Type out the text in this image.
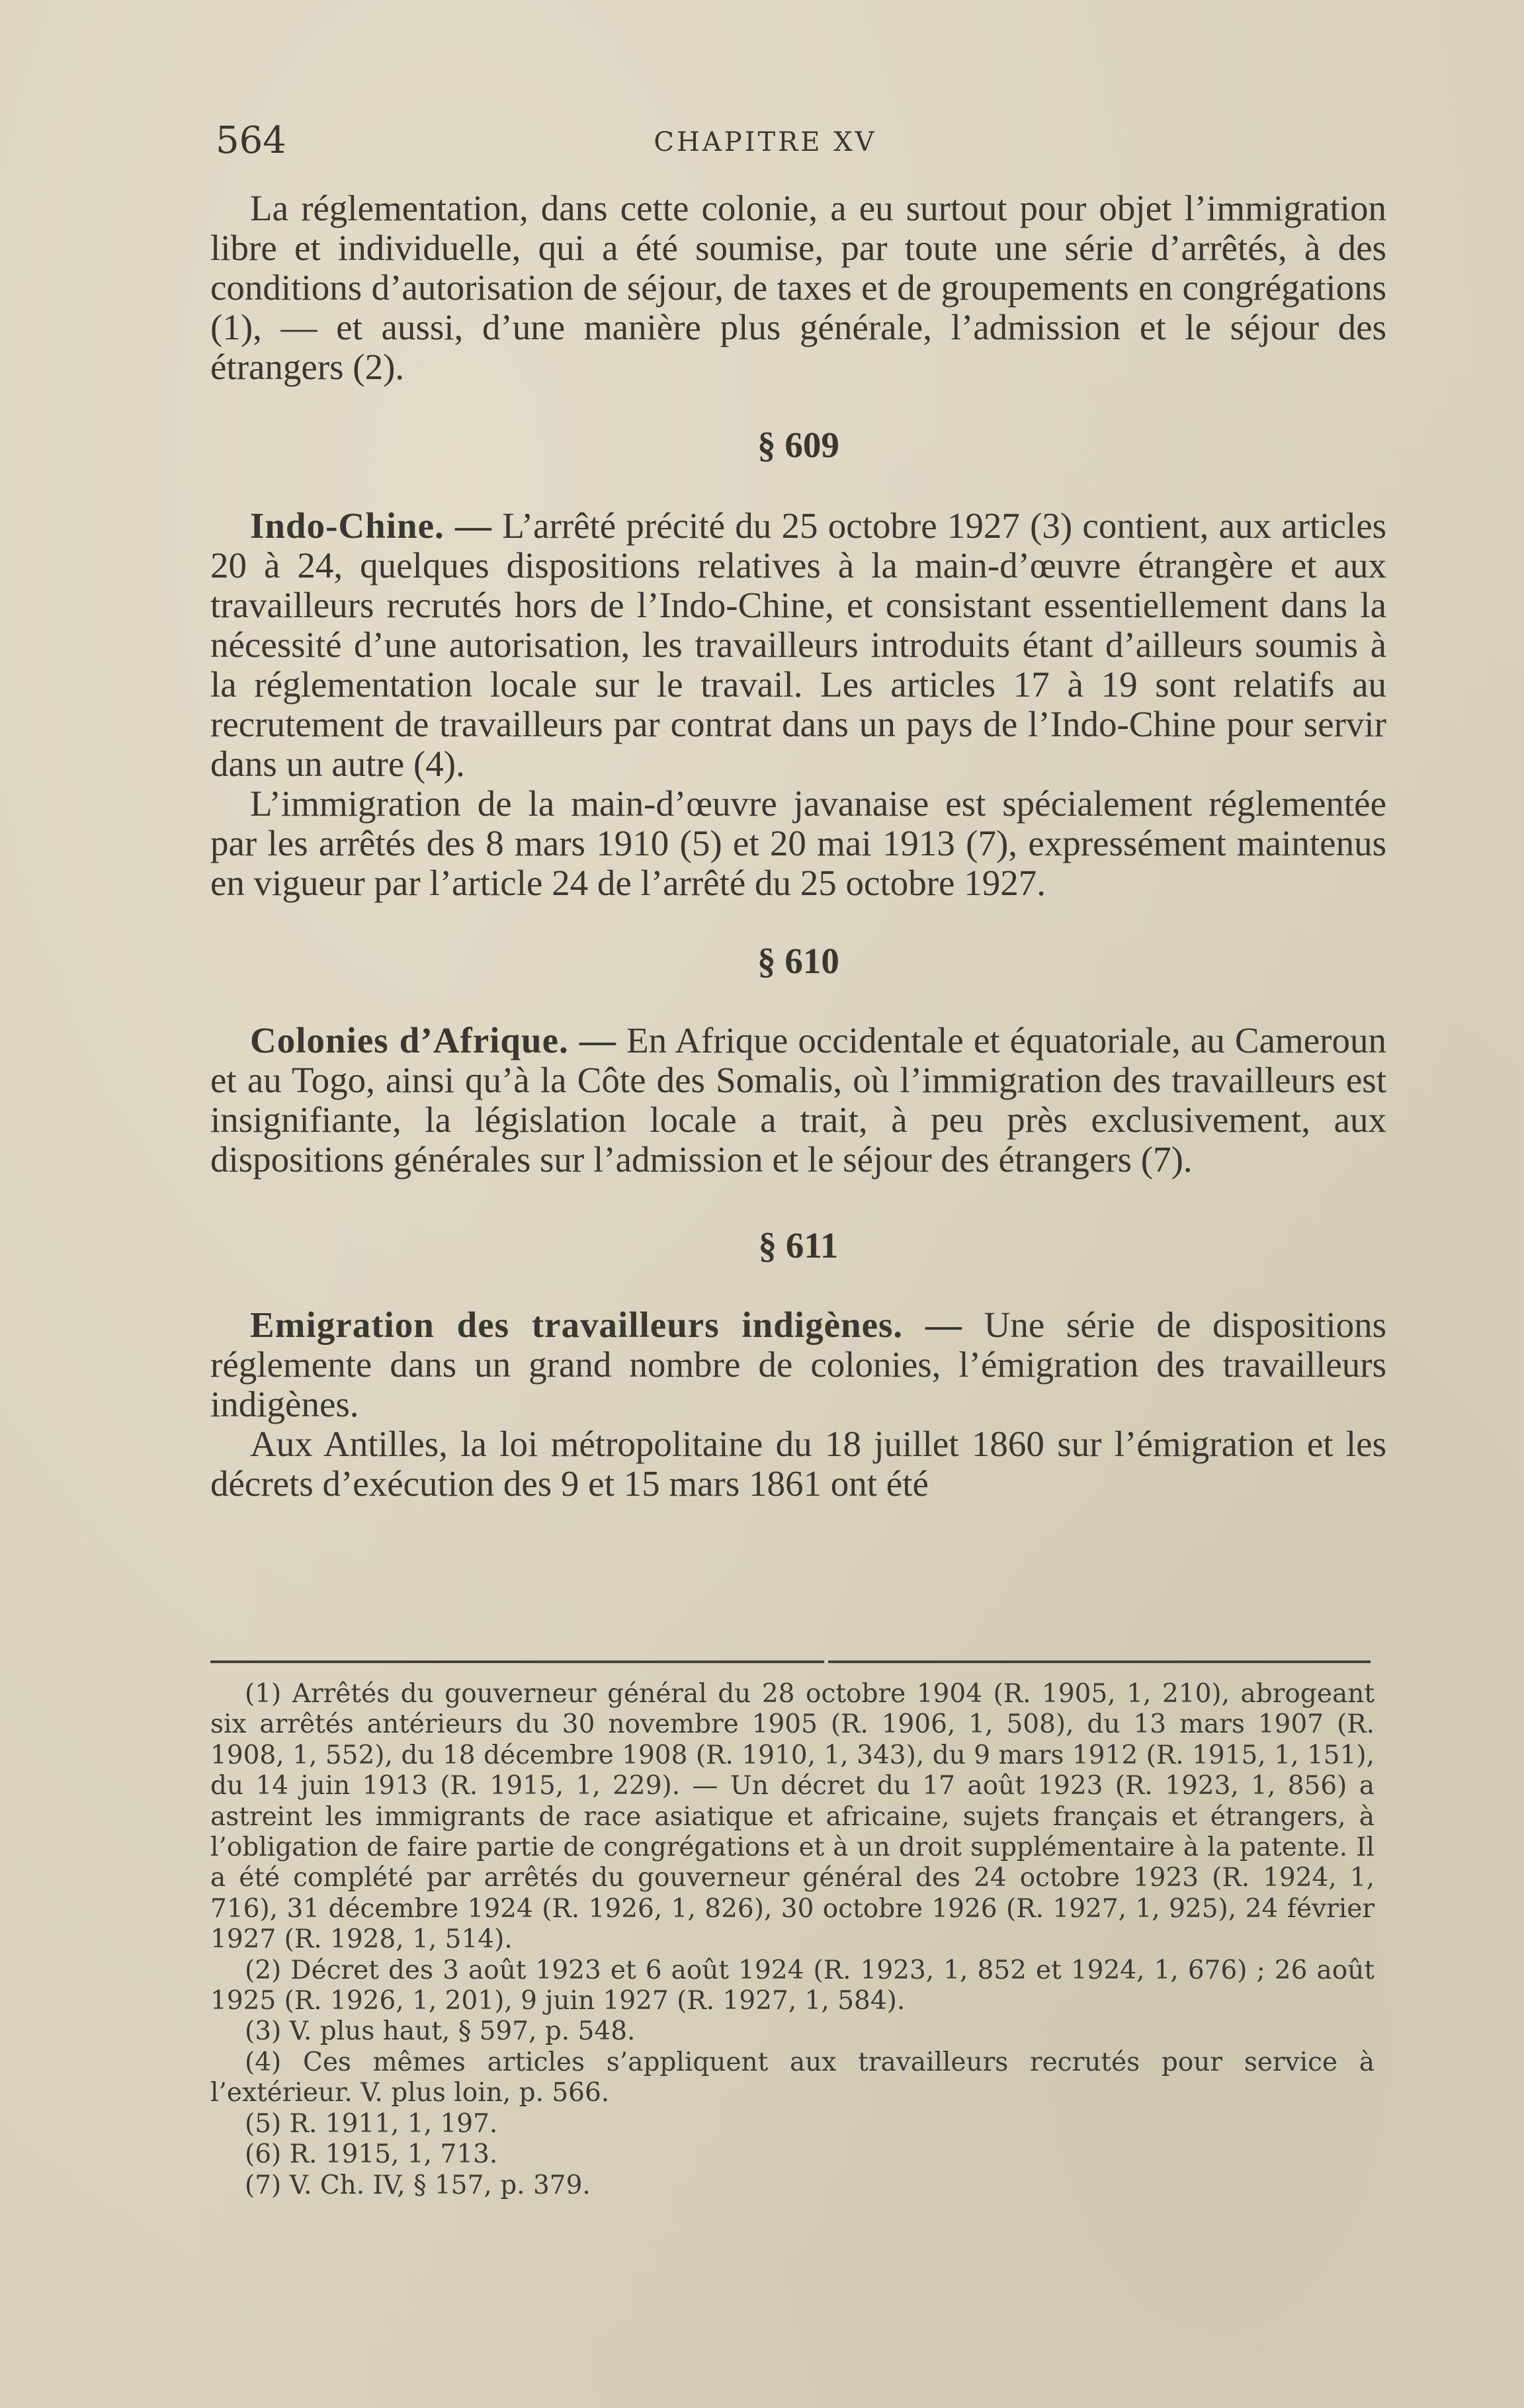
564	CHAPITRE XV

La réglementation, dans cette colonie, a eu surtout pour objet l’immigration libre et individuelle, qui a été soumise, par toute une série d’arrêtés, à des conditions d’autorisation de séjour, de taxes et de groupements en congrégations (1), — et aussi, d’une manière plus générale, l’admission et le séjour des étrangers (2).

§ 609

Indo-Chine. — L’arrêté précité du 25 octobre 1927 (3) contient, aux articles 20 à 24, quelques dispositions relatives à la main-d’œuvre étrangère et aux travailleurs recrutés hors de l’Indo-Chine, et consistant essentiellement dans la nécessité d’une autorisation, les travailleurs introduits étant d’ailleurs soumis à la réglementation locale sur le travail. Les articles 17 à 19 sont relatifs au recrutement de travailleurs par contrat dans un pays de l’Indo-Chine pour servir dans un autre (4).

L’immigration de la main-d’œuvre javanaise est spécialement réglementée par les arrêtés des 8 mars 1910 (5) et 20 mai 1913 (7), expressément maintenus en vigueur par l’article 24 de l’arrêté du 25 octobre 1927.

§ 610

Colonies d’Afrique. — En Afrique occidentale et équatoriale, au Cameroun et au Togo, ainsi qu’à la Côte des Somalis, où l’immigration des travailleurs est insignifiante, la législation locale a trait, à peu près exclusivement, aux dispositions générales sur l’admission et le séjour des étrangers (7).

§ 611

Emigration des travailleurs indigènes. — Une série de dispositions réglemente dans un grand nombre de colonies, l’émigration des travailleurs indigènes.

Aux Antilles, la loi métropolitaine du 18 juillet 1860 sur l’émigration et les décrets d’exécution des 9 et 15 mars 1861 ont été

(1) Arrêtés du gouverneur général du 28 octobre 1904 (R. 1905, 1, 210), abrogeant six arrêtés antérieurs du 30 novembre 1905 (R. 1906, 1, 508), du 13 mars 1907 (R. 1908, 1, 552), du 18 décembre 1908 (R. 1910, 1, 343), du 9 mars 1912 (R. 1915, 1, 151), du 14 juin 1913 (R. 1915, 1, 229). — Un décret du 17 août 1923 (R. 1923, 1, 856) a astreint les immigrants de race asiatique et africaine, sujets français et étrangers, à l’obligation de faire partie de congrégations et à un droit supplémentaire à la patente. Il a été complété par arrêtés du gouverneur général des 24 octobre 1923 (R. 1924, 1, 716), 31 décembre 1924 (R. 1926, 1, 826), 30 octobre 1926 (R. 1927, 1, 925), 24 février 1927 (R. 1928, 1, 514).

(2) Décret des 3 août 1923 et 6 août 1924 (R. 1923, 1, 852 et 1924, 1, 676) ; 26 août 1925 (R. 1926, 1, 201), 9 juin 1927 (R. 1927, 1, 584).

(3) V. plus haut, § 597, p. 548.

(4) Ces mêmes articles s’appliquent aux travailleurs recrutés pour service à l’extérieur. V. plus loin, p. 566.

(5) R. 1911, 1, 197.

(6) R. 1915, 1, 713.

(7) V. Ch. IV, § 157, p. 379.
